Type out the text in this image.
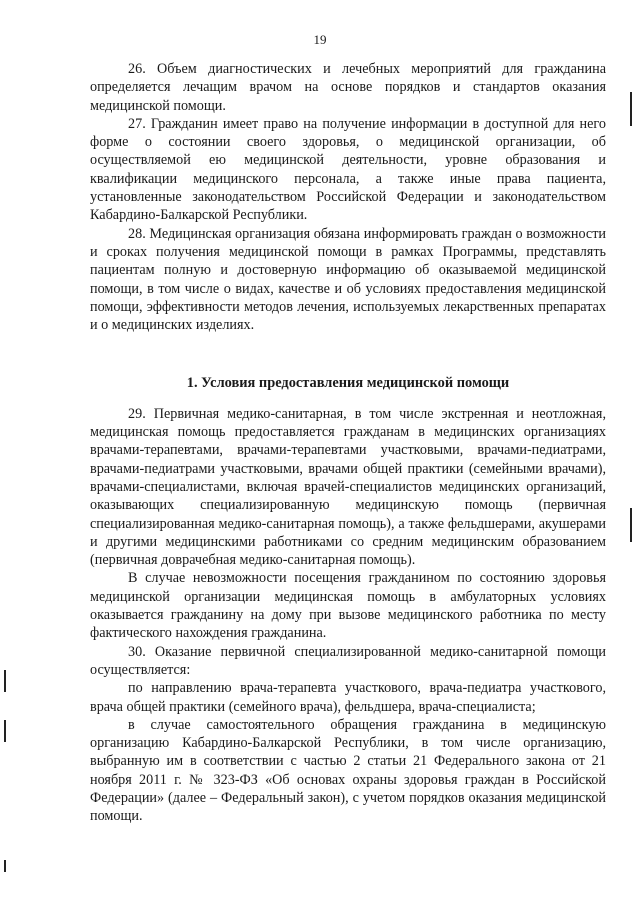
19

26. Объем диагностических и лечебных мероприятий для гражданина определяется лечащим врачом на основе порядков и стандартов оказания медицинской помощи.

27. Гражданин имеет право на получение информации в доступной для него форме о состоянии своего здоровья, о медицинской организации, об осуществляемой ею медицинской деятельности, уровне образования и квалификации медицинского персонала, а также иные права пациента, установленные законодательством Российской Федерации и законодательством Кабардино-Балкарской Республики.

28. Медицинская организация обязана информировать граждан о возможности и сроках получения медицинской помощи в рамках Программы, представлять пациентам полную и достоверную информацию об оказываемой медицинской помощи, в том числе о видах, качестве и об условиях предоставления медицинской помощи, эффективности методов лечения, используемых лекарственных препаратах и о медицинских изделиях.

1. Условия предоставления медицинской помощи

29. Первичная медико-санитарная, в том числе экстренная и неотложная, медицинская помощь предоставляется гражданам в медицинских организациях врачами-терапевтами, врачами-терапевтами участковыми, врачами-педиатрами, врачами-педиатрами участковыми, врачами общей практики (семейными врачами), врачами-специалистами, включая врачей-специалистов медицинских организаций, оказывающих специализированную медицинскую помощь (первичная специализированная медико-санитарная помощь), а также фельдшерами, акушерами и другими медицинскими работниками со средним медицинским образованием (первичная доврачебная медико-санитарная помощь).

В случае невозможности посещения гражданином по состоянию здоровья медицинской организации медицинская помощь в амбулаторных условиях оказывается гражданину на дому при вызове медицинского работника по месту фактического нахождения гражданина.

30. Оказание первичной специализированной медико-санитарной помощи осуществляется:

по направлению врача-терапевта участкового, врача-педиатра участкового, врача общей практики (семейного врача), фельдшера, врача-специалиста;

в случае самостоятельного обращения гражданина в медицинскую организацию Кабардино-Балкарской Республики, в том числе организацию, выбранную им в соответствии с частью 2 статьи 21 Федерального закона от 21 ноября 2011 г. № 323-ФЗ «Об основах охраны здоровья граждан в Российской Федерации» (далее – Федеральный закон), с учетом порядков оказания медицинской помощи.
